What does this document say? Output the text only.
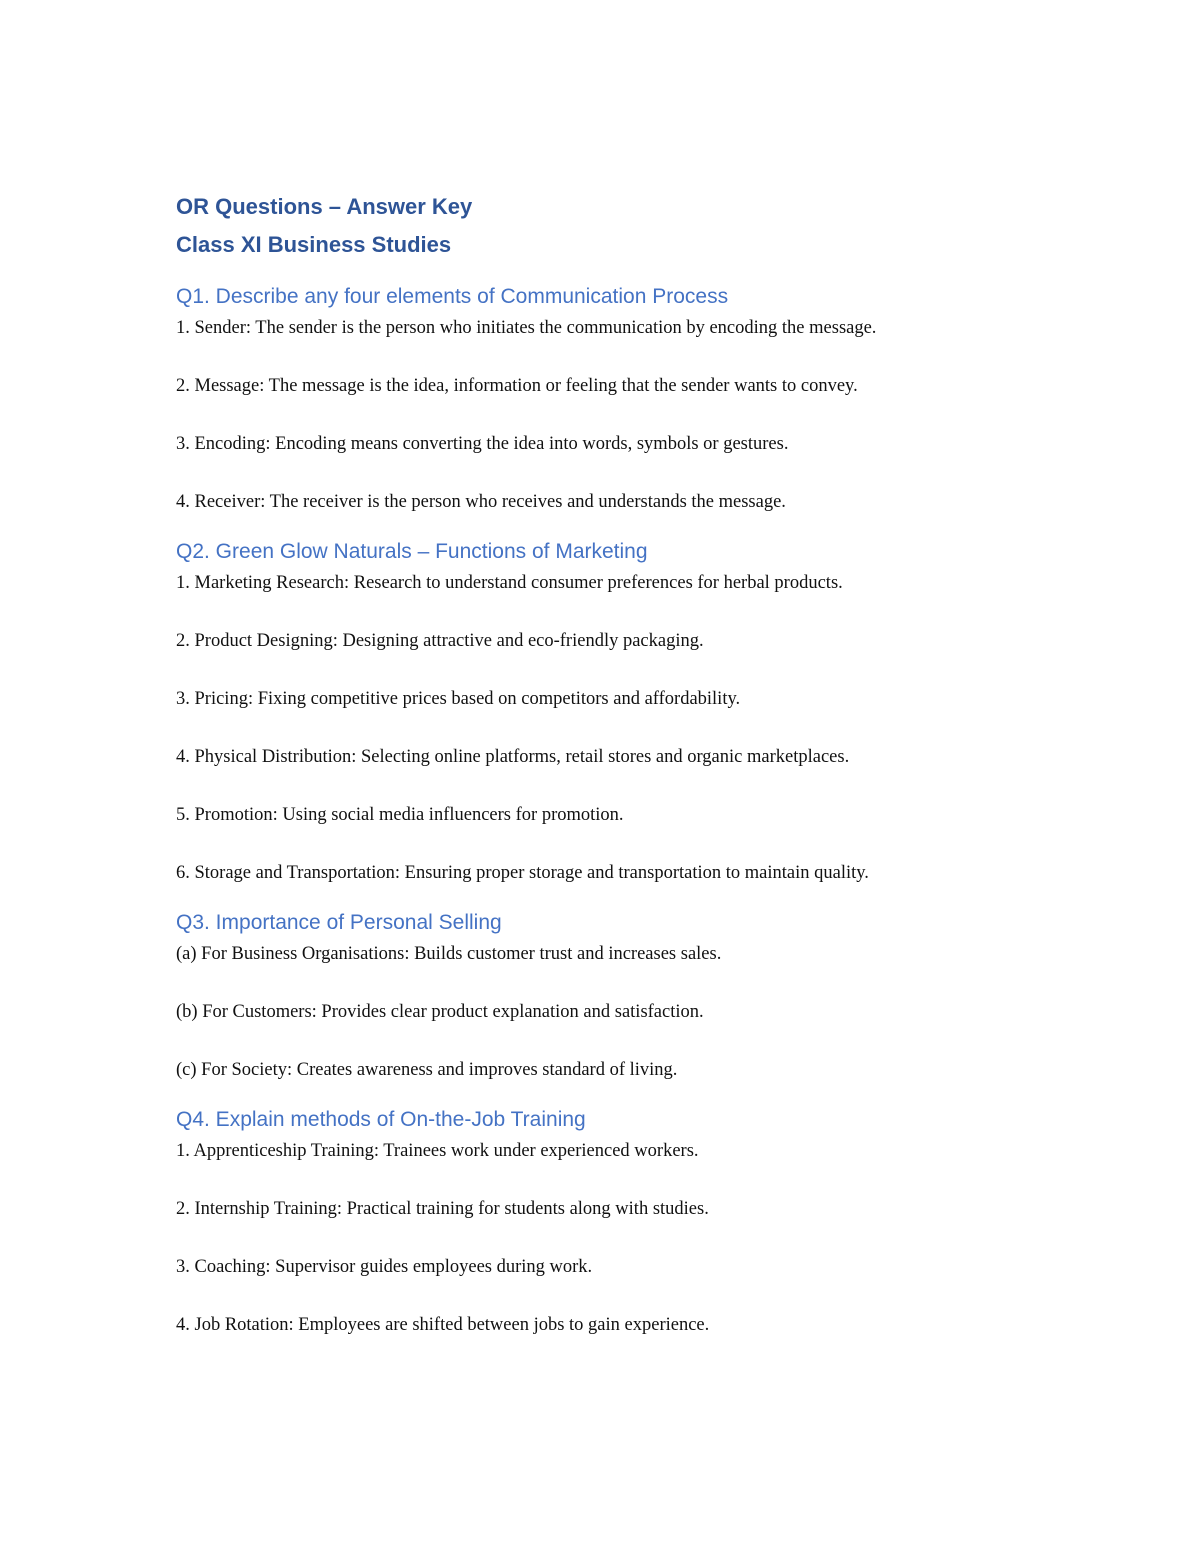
OR Questions – Answer Key
Class XI Business Studies
Q1. Describe any four elements of Communication Process

1. Sender: The sender is the person who initiates the communication by encoding the message.

2. Message: The message is the idea, information or feeling that the sender wants to convey.

3. Encoding: Encoding means converting the idea into words, symbols or gestures.

4. Receiver: The receiver is the person who receives and understands the message.

Q2. Green Glow Naturals – Functions of Marketing

1. Marketing Research: Research to understand consumer preferences for herbal products.

2. Product Designing: Designing attractive and eco-friendly packaging.

3. Pricing: Fixing competitive prices based on competitors and affordability.

4. Physical Distribution: Selecting online platforms, retail stores and organic marketplaces.

5. Promotion: Using social media influencers for promotion.

6. Storage and Transportation: Ensuring proper storage and transportation to maintain quality.

Q3. Importance of Personal Selling

(a) For Business Organisations: Builds customer trust and increases sales.

(b) For Customers: Provides clear product explanation and satisfaction.

(c) For Society: Creates awareness and improves standard of living.

Q4. Explain methods of On-the-Job Training

1. Apprenticeship Training: Trainees work under experienced workers.

2. Internship Training: Practical training for students along with studies.

3. Coaching: Supervisor guides employees during work.

4. Job Rotation: Employees are shifted between jobs to gain experience.
